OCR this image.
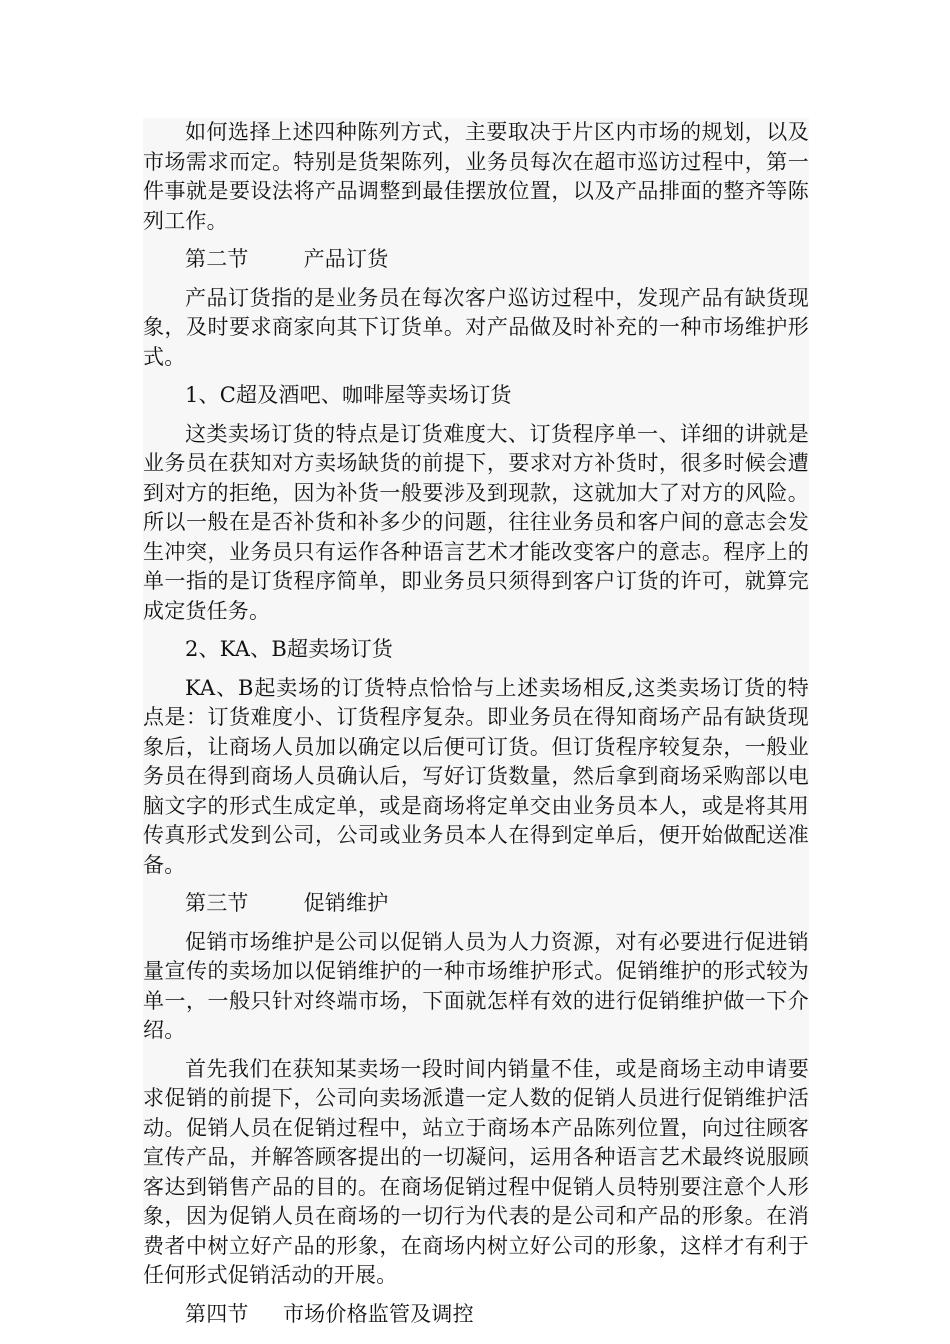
如何选择上述四种陈列方式，主要取决于片区内市场的规划，以及市场需求而定。特别是货架陈列，业务员每次在超市巡访过程中，第一件事就是要设法将产品调整到最佳摆放位置，以及产品排面的整齐等陈列工作。

第二节        产品订货

产品订货指的是业务员在每次客户巡访过程中，发现产品有缺货现象，及时要求商家向其下订货单。对产品做及时补充的一种市场维护形式。

1、C超及酒吧、咖啡屋等卖场订货

这类卖场订货的特点是订货难度大、订货程序单一、详细的讲就是业务员在获知对方卖场缺货的前提下，要求对方补货时，很多时候会遭到对方的拒绝，因为补货一般要涉及到现款，这就加大了对方的风险。所以一般在是否补货和补多少的问题，往往业务员和客户间的意志会发生冲突，业务员只有运作各种语言艺术才能改变客户的意志。程序上的单一指的是订货程序简单，即业务员只须得到客户订货的许可，就算完成定货任务。

2、KA、B超卖场订货

KA、B起卖场的订货特点恰恰与上述卖场相反,这类卖场订货的特点是：订货难度小、订货程序复杂。即业务员在得知商场产品有缺货现象后，让商场人员加以确定以后便可订货。但订货程序较复杂，一般业务员在得到商场人员确认后，写好订货数量，然后拿到商场采购部以电脑文字的形式生成定单，或是商场将定单交由业务员本人，或是将其用传真形式发到公司，公司或业务员本人在得到定单后，便开始做配送准备。

第三节        促销维护

促销市场维护是公司以促销人员为人力资源，对有必要进行促进销量宣传的卖场加以促销维护的一种市场维护形式。促销维护的形式较为单一，一般只针对终端市场，下面就怎样有效的进行促销维护做一下介绍。

首先我们在获知某卖场一段时间内销量不佳，或是商场主动申请要求促销的前提下，公司向卖场派遣一定人数的促销人员进行促销维护活动。促销人员在促销过程中，站立于商场本产品陈列位置，向过往顾客宣传产品，并解答顾客提出的一切凝问，运用各种语言艺术最终说服顾客达到销售产品的目的。在商场促销过程中促销人员特别要注意个人形象，因为促销人员在商场的一切行为代表的是公司和产品的形象。在消费者中树立好产品的形象，在商场内树立好公司的形象，这样才有利于任何形式促销活动的开展。

第四节     市场价格监管及调控
